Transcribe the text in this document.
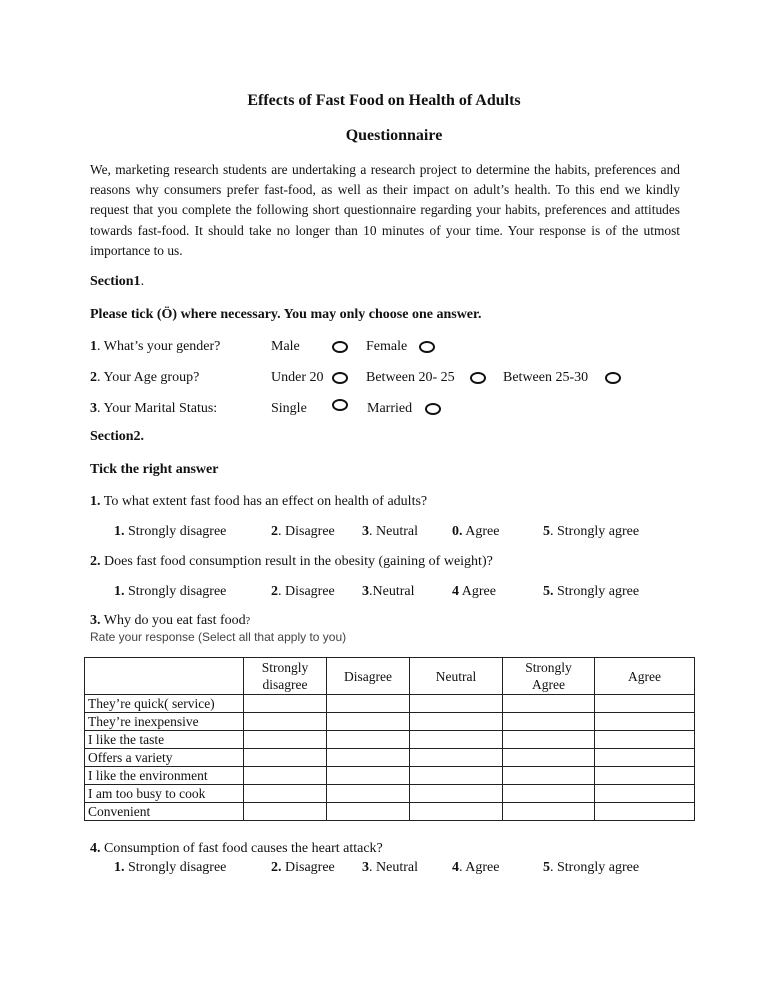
Effects of Fast Food on Health of Adults
Questionnaire
We, marketing research students are undertaking a research project to determine the habits, preferences and reasons why consumers prefer fast-food, as well as their impact on adult’s health. To this end we kindly request that you complete the following short questionnaire regarding your habits, preferences and attitudes towards fast-food. It should take no longer than 10 minutes of your time. Your response is of the utmost importance to us.
Section1.
Please tick (Ö) where necessary. You may only choose one answer.
1. What’s your gender?	Male	Female
2. Your Age group?	Under 20	Between 20- 25	Between 25-30
3. Your Marital Status:	Single	Married
Section2.
Tick the right answer
1. To what extent fast food has an effect on health of adults?
1. Strongly disagree	2. Disagree 3. Neutral 0. Agree	5. Strongly agree
2. Does fast food consumption result in the obesity (gaining of weight)?
1. Strongly disagree	2. Disagree 3.Neutral	4 Agree	5. Strongly agree
3. Why do you eat fast food?
Rate your response (Select all that apply to you)

	Strongly disagree	Disagree	Neutral	Strongly Agree	Agree
They’re quick( service)					
They’re inexpensive					
I like the taste					
Offers a variety					
I like the environment					
I am too busy to cook					
Convenient					
4. Consumption of fast food causes the heart attack?
1. Strongly disagree	2. Disagree 3. Neutral 4. Agree	5. Strongly agree
